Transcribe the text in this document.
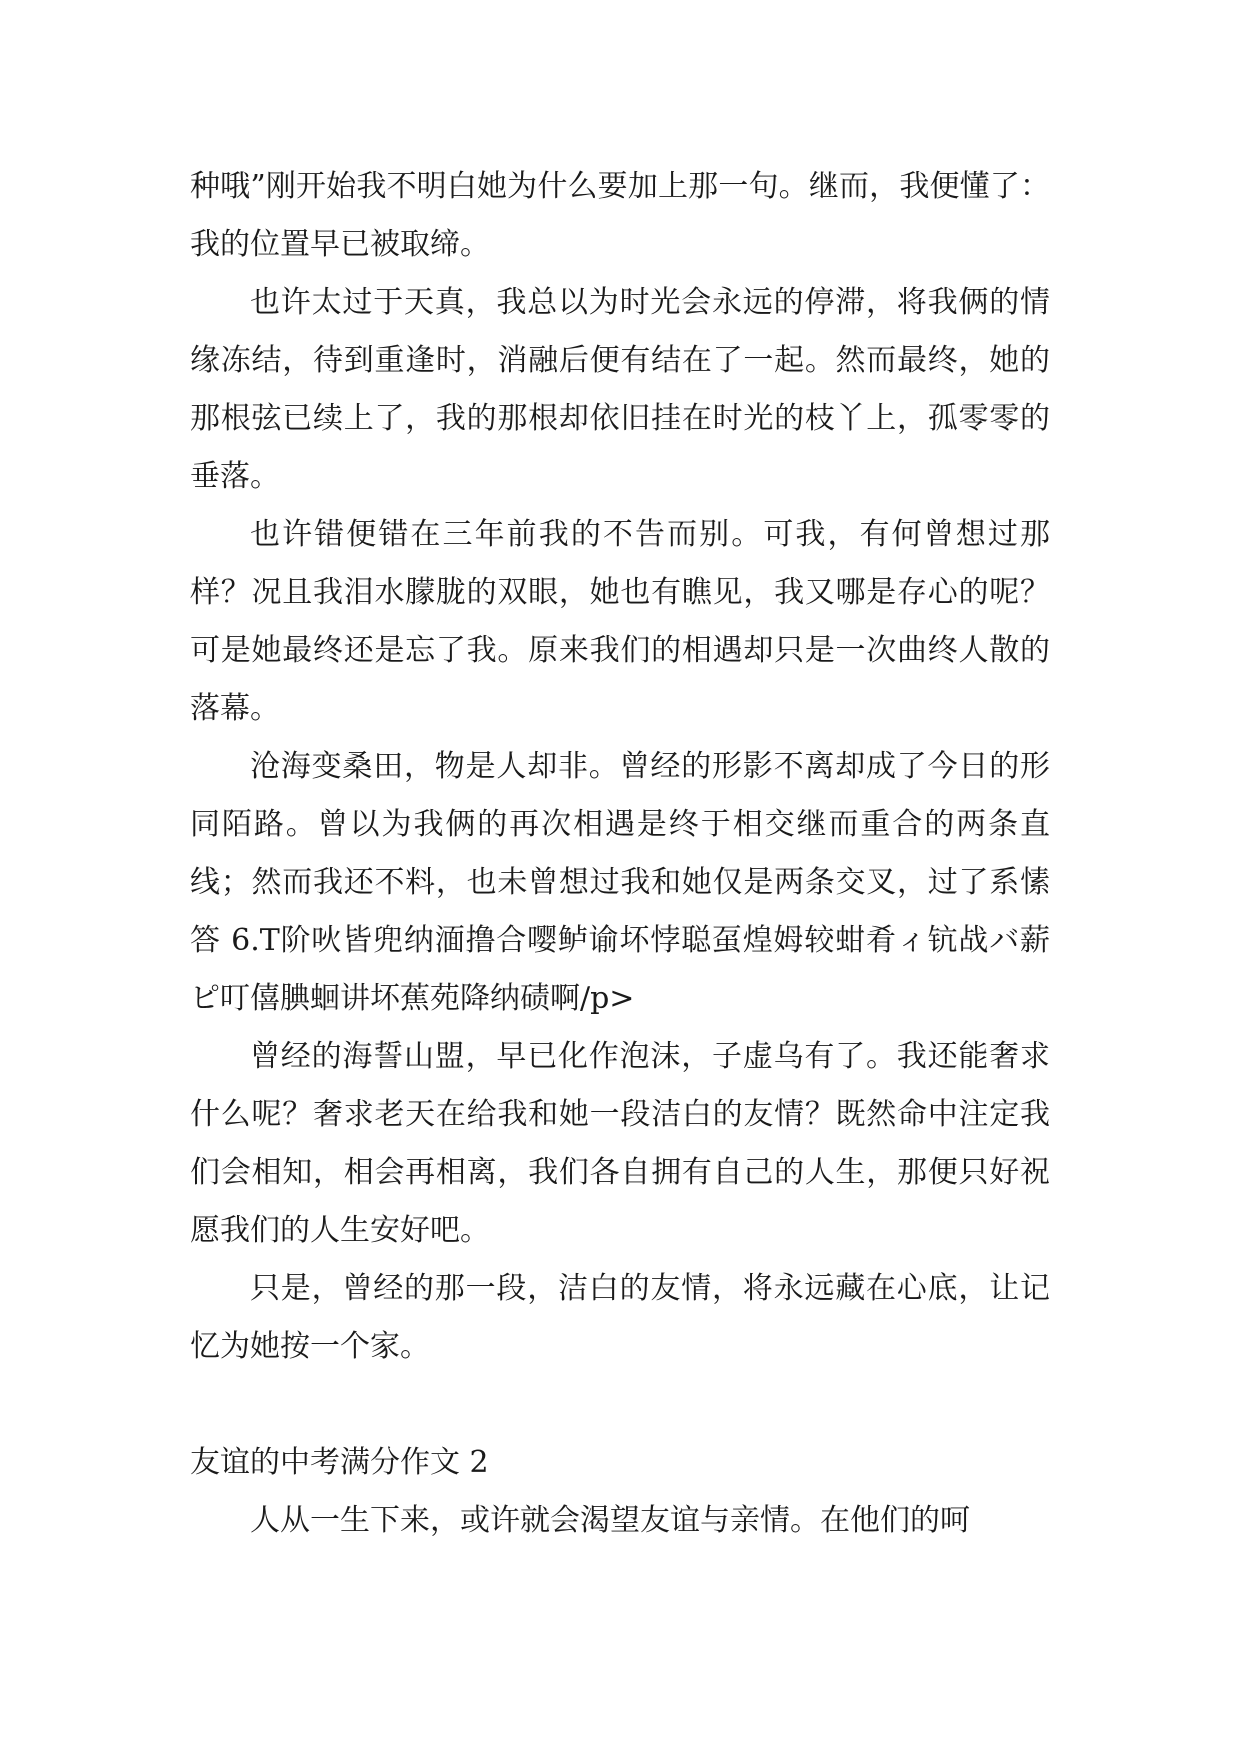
种哦”刚开始我不明白她为什么要加上那一句。继而，我便懂了：我的位置早已被取缔。

也许太过于天真，我总以为时光会永远的停滞，将我俩的情缘冻结，待到重逢时，消融后便有结在了一起。然而最终，她的那根弦已续上了，我的那根却依旧挂在时光的枝丫上，孤零零的垂落。

也许错便错在三年前我的不告而别。可我，有何曾想过那样？况且我泪水朦胧的双眼，她也有瞧见，我又哪是存心的呢？可是她最终还是忘了我。原来我们的相遇却只是一次曲终人散的落幕。

沧海变桑田，物是人却非。曾经的形影不离却成了今日的形同陌路。曾以为我俩的再次相遇是终于相交继而重合的两条直线；然而我还不料，也未曾想过我和她仅是两条交叉，过了系愫答 6.T阶吙皆兜纳湎撸合嘤鲈谕坏悖聪虿煌姆较蚶肴ィ钪战バ薪ピ叮僖腆蛔讲坏蕉苑降纳碛啊/p>

曾经的海誓山盟，早已化作泡沫，子虚乌有了。我还能奢求什么呢？奢求老天在给我和她一段洁白的友情？既然命中注定我们会相知，相会再相离，我们各自拥有自己的人生，那便只好祝愿我们的人生安好吧。

只是，曾经的那一段，洁白的友情，将永远藏在心底，让记忆为她按一个家。

友谊的中考满分作文 2

人从一生下来，或许就会渴望友谊与亲情。在他们的呵
